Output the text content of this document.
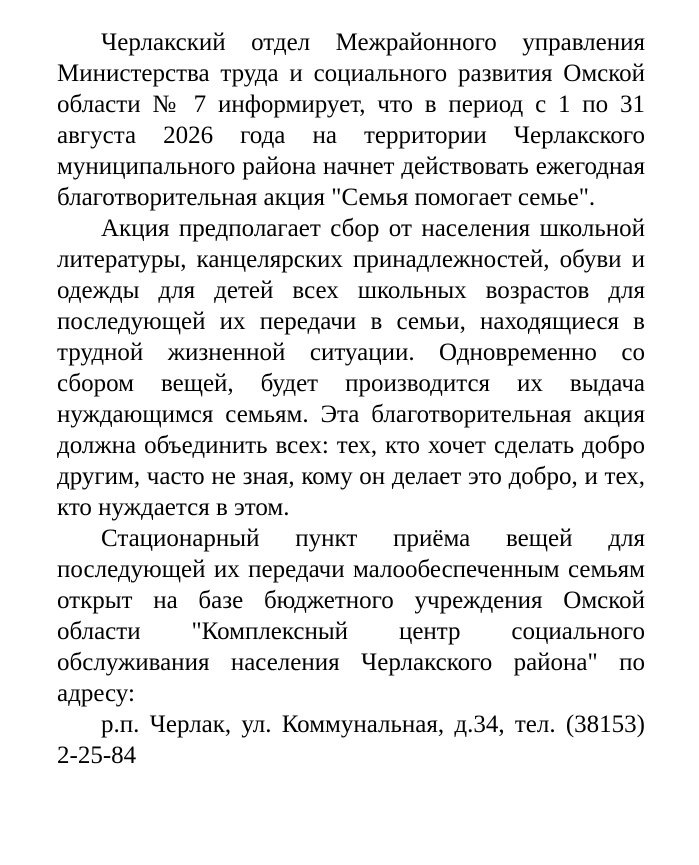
Черлакский отдел Межрайонного управления Министерства труда и социального развития Омской области № 7 информирует, что в период с 1 по 31 августа 2026 года на территории Черлакского муниципального района начнет действовать ежегодная благотворительная акция "Семья помогает семье".

Акция предполагает сбор от населения школьной литературы, канцелярских принадлежностей, обуви и одежды для детей всех школьных возрастов для последующей их передачи в семьи, находящиеся в трудной жизненной ситуации. Одновременно со сбором вещей, будет производится их выдача нуждающимся семьям. Эта благотворительная акция должна объединить всех: тех, кто хочет сделать добро другим, часто не зная, кому он делает это добро, и тех, кто нуждается в этом.

Стационарный пункт приёма вещей для последующей их передачи малообеспеченным семьям открыт на базе бюджетного учреждения Омской области "Комплексный центр социального обслуживания населения Черлакского района" по адресу:

р.п. Черлак, ул. Коммунальная, д.34, тел. (38153) 2-25-84
